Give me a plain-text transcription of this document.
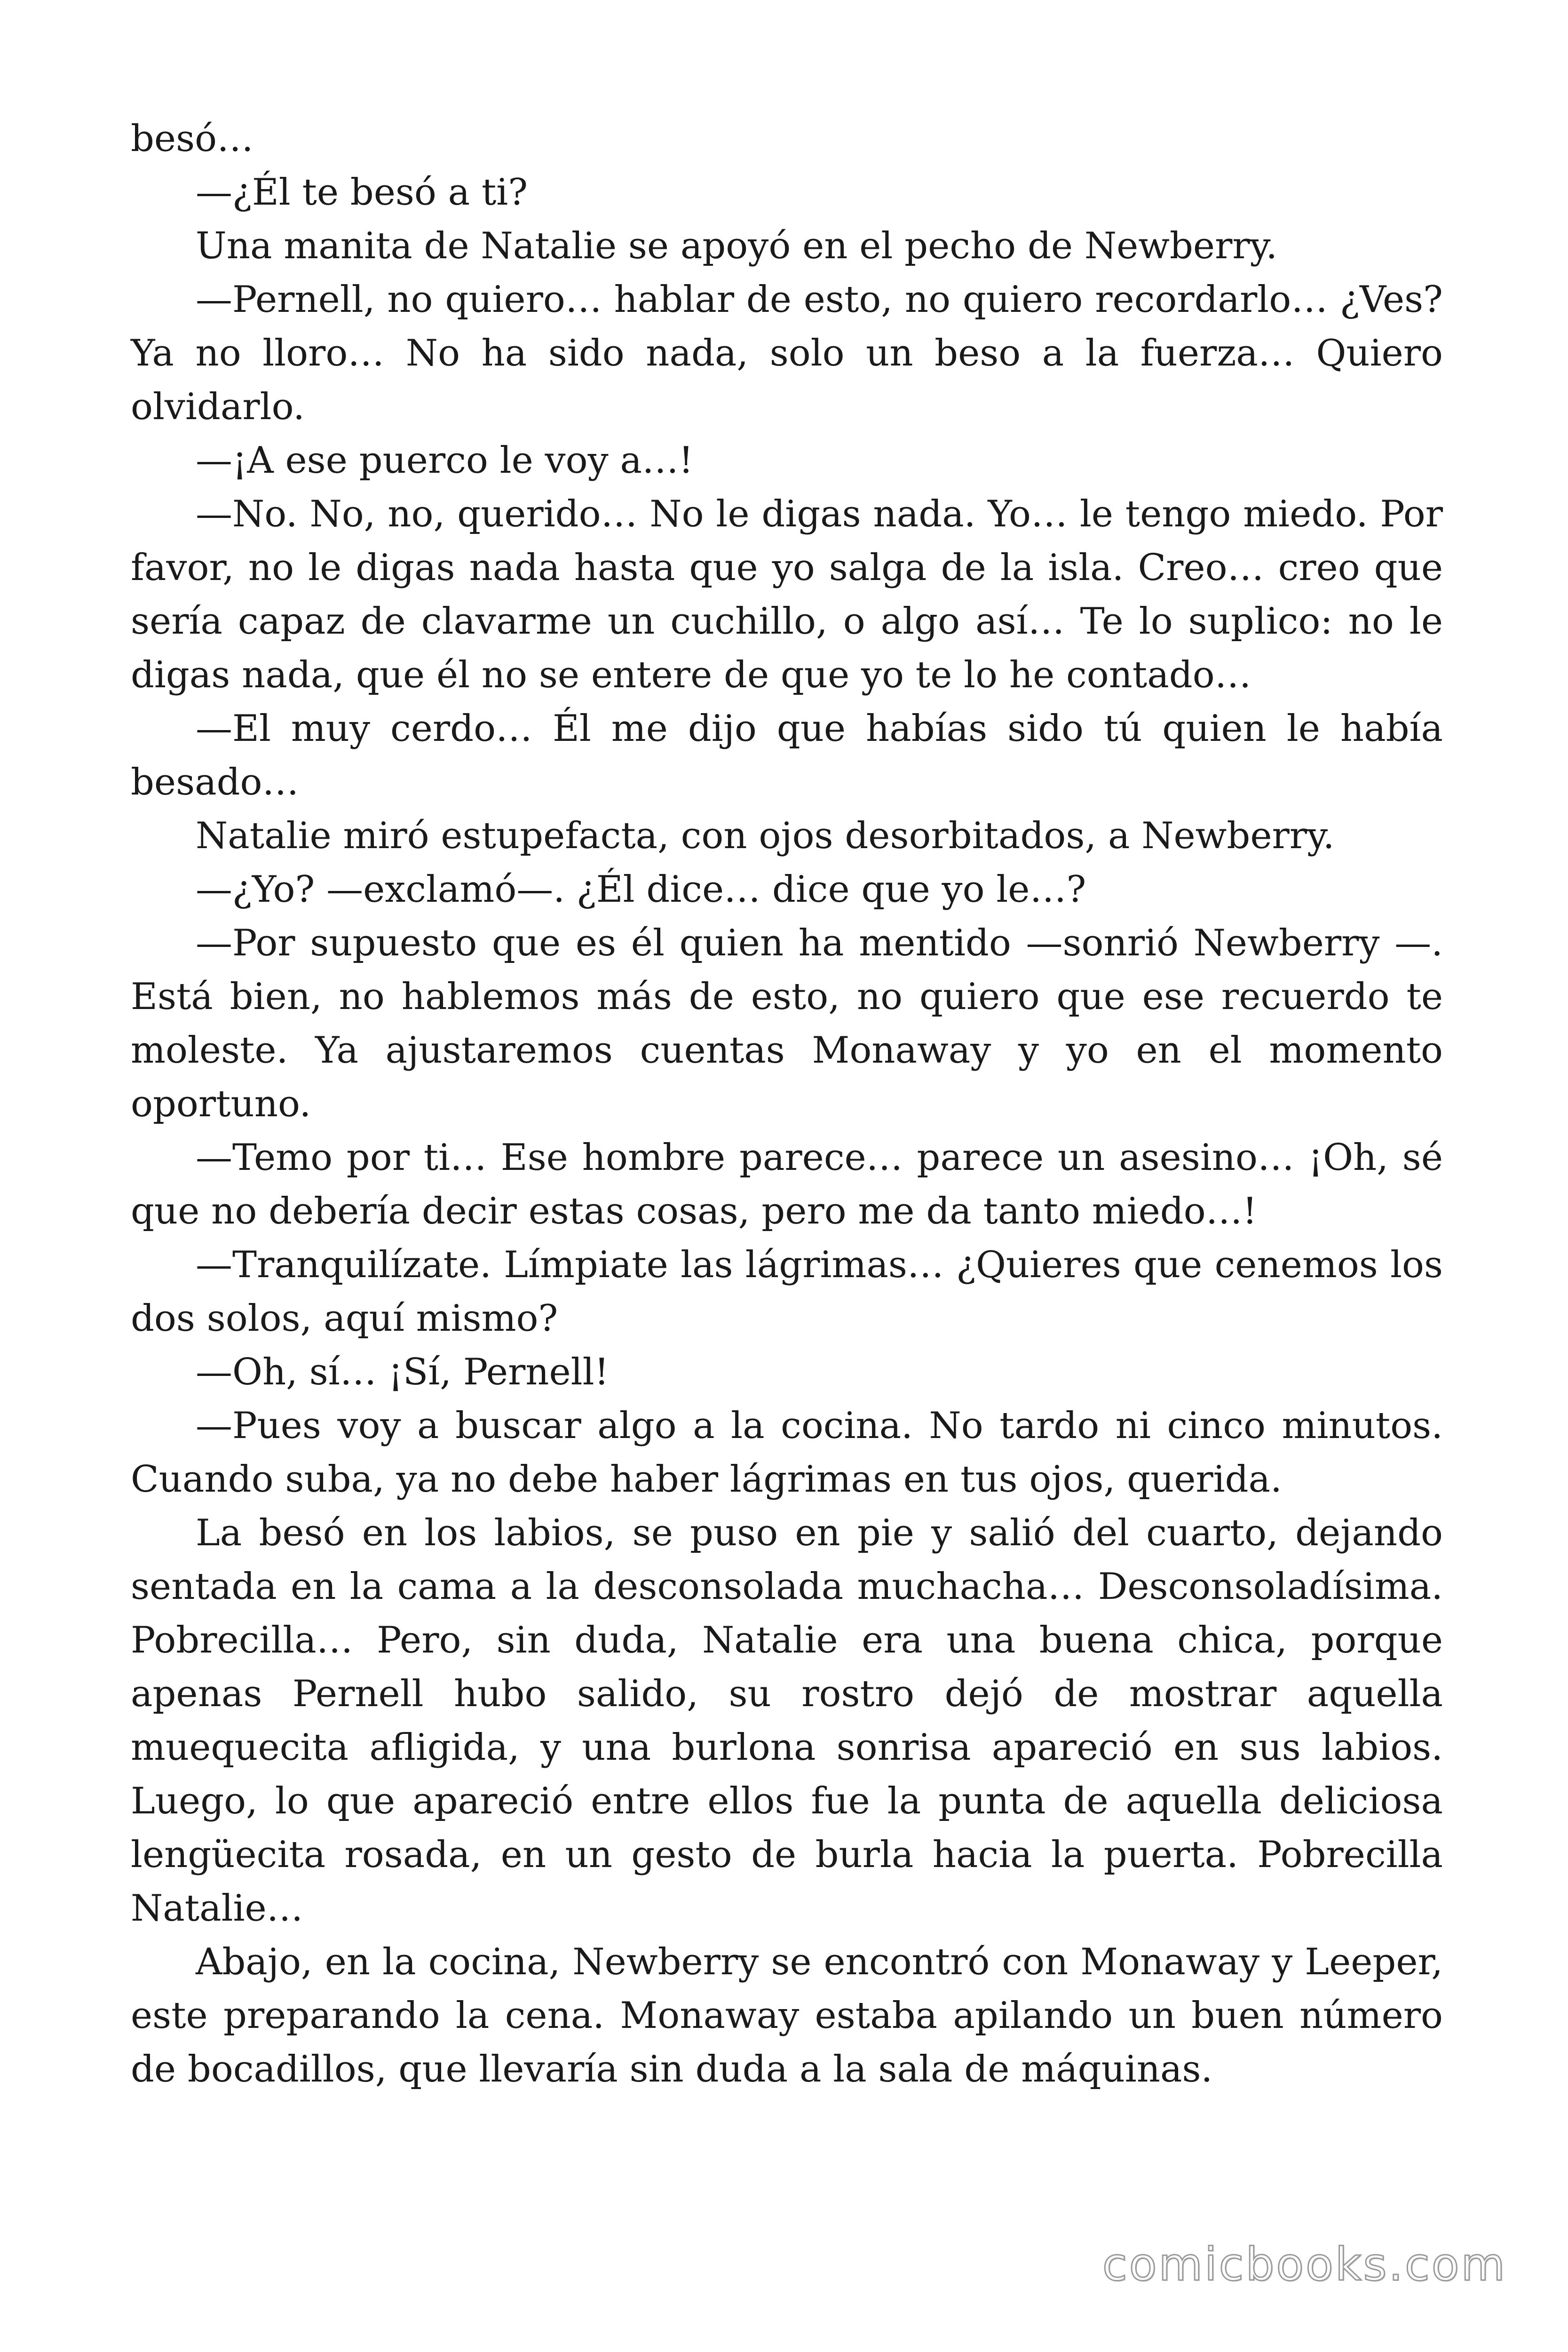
besó…

—¿Él te besó a ti?

Una manita de Natalie se apoyó en el pecho de Newberry.

—Pernell, no quiero… hablar de esto, no quiero recordarlo… ¿Ves? Ya no lloro… No ha sido nada, solo un beso a la fuerza… Quiero olvidarlo.

—¡A ese puerco le voy a…!

—No. No, no, querido… No le digas nada. Yo… le tengo miedo. Por favor, no le digas nada hasta que yo salga de la isla. Creo… creo que sería capaz de clavarme un cuchillo, o algo así… Te lo suplico: no le digas nada, que él no se entere de que yo te lo he contado…

—El muy cerdo… Él me dijo que habías sido tú quien le había besado…

Natalie miró estupefacta, con ojos desorbitados, a Newberry.

—¿Yo? —exclamó—. ¿Él dice… dice que yo le…?

—Por supuesto que es él quien ha mentido —sonrió Newberry —. Está bien, no hablemos más de esto, no quiero que ese recuerdo te moleste. Ya ajustaremos cuentas Monaway y yo en el momento oportuno.

—Temo por ti… Ese hombre parece… parece un asesino… ¡Oh, sé que no debería decir estas cosas, pero me da tanto miedo…!

—Tranquilízate. Límpiate las lágrimas… ¿Quieres que cenemos los dos solos, aquí mismo?

—Oh, sí… ¡Sí, Pernell!

—Pues voy a buscar algo a la cocina. No tardo ni cinco minutos. Cuando suba, ya no debe haber lágrimas en tus ojos, querida.

La besó en los labios, se puso en pie y salió del cuarto, dejando sentada en la cama a la desconsolada muchacha… Desconsoladísima. Pobrecilla… Pero, sin duda, Natalie era una buena chica, porque apenas Pernell hubo salido, su rostro dejó de mostrar aquella muequecita afligida, y una burlona sonrisa apareció en sus labios. Luego, lo que apareció entre ellos fue la punta de aquella deliciosa lengüecita rosada, en un gesto de burla hacia la puerta. Pobrecilla Natalie…

Abajo, en la cocina, Newberry se encontró con Monaway y Leeper, este preparando la cena. Monaway estaba apilando un buen número de bocadillos, que llevaría sin duda a la sala de máquinas.

comicbooks.com
